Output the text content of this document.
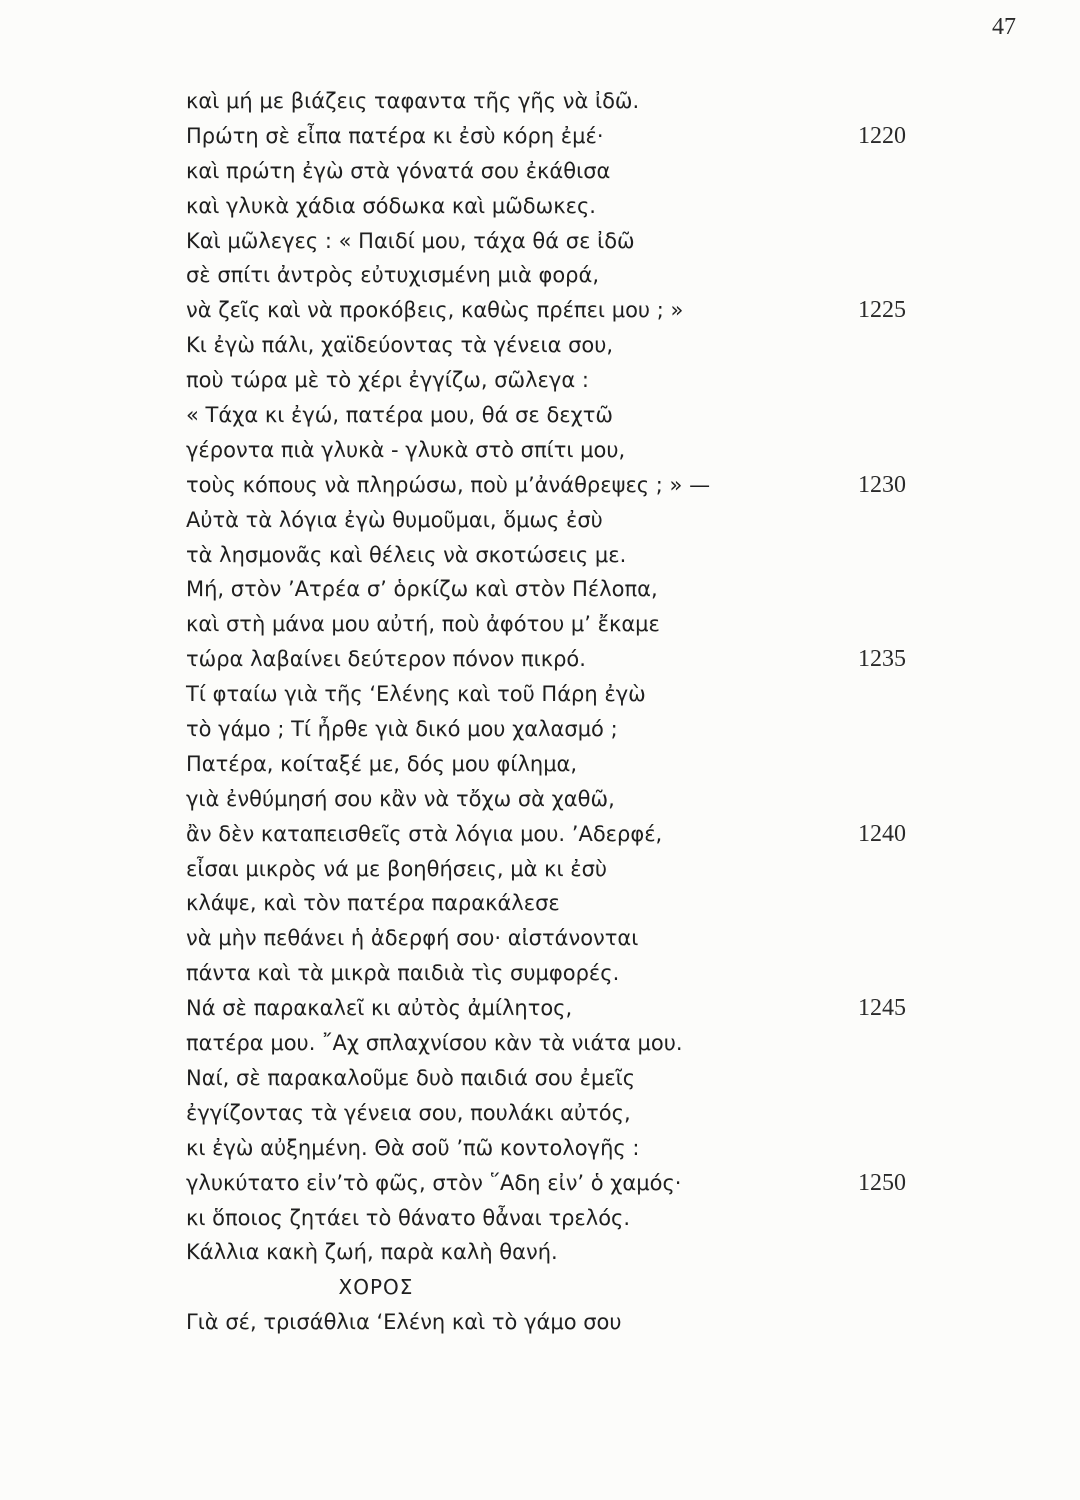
47
καὶ μή με βιάζεις ταφαντα τῆς γῆς νὰ ἰδῶ.
Πρώτη σὲ εἶπα πατέρα κι ἐσὺ κόρη ἐμέ·	1220
καὶ πρώτη ἐγὼ στὰ γόνατά σου ἐκάθισα
καὶ γλυκὰ χάδια σόδωκα καὶ μῶδωκες.
Καὶ μῶλεγες : « Παιδί μου, τάχα θά σε ἰδῶ
σὲ σπίτι ἀντρὸς εὐτυχισμένη μιὰ φορά,
νὰ ζεῖς καὶ νὰ προκόβεις, καθὼς πρέπει μου ; »	1225
Κι ἐγὼ πάλι, χαϊδεύοντας τὰ γένεια σου,
ποὺ τώρα μὲ τὸ χέρι ἐγγίζω, σῶλεγα :
« Τάχα κι ἐγώ, πατέρα μου, θά σε δεχτῶ
γέροντα πιὰ γλυκὰ - γλυκὰ στὸ σπίτι μου,
τοὺς κόπους νὰ πληρώσω, ποὺ μ’ἀνάθρεψες ; » —	1230
Αὐτὰ τὰ λόγια ἐγὼ θυμοῦμαι, ὅμως ἐσὺ
τὰ λησμονᾶς καὶ θέλεις νὰ σκοτώσεις με.
Μή, στὸν ’Ατρέα σ’ ὁρκίζω καὶ στὸν Πέλοπα,
καὶ στὴ μάνα μου αὐτή, ποὺ ἀφότου μ’ ἔκαμε
τώρα λαβαίνει δεύτερον πόνον πικρό.	1235
Τί φταίω γιὰ τῆς ‘Ελένης καὶ τοῦ Πάρη ἐγὼ
τὸ γάμο ; Τί ἦρθε γιὰ δικό μου χαλασμό ;
Πατέρα, κοίταξέ με, δός μου φίλημα,
γιὰ ἐνθύμησή σου κἂν νὰ τὄχω σὰ χαθῶ,
ἂν δὲν καταπεισθεῖς στὰ λόγια μου. ’Αδερφέ,	1240
εἶσαι μικρὸς νά με βοηθήσεις, μὰ κι ἐσὺ
κλάψε, καὶ τὸν πατέρα παρακάλεσε
νὰ μὴν πεθάνει ἡ ἀδερφή σου· αἰστάνονται
πάντα καὶ τὰ μικρὰ παιδιὰ τὶς συμφορές.
Νά σὲ παρακαλεῖ κι αὐτὸς ἀμίλητος,	1245
πατέρα μου. ῎Αχ σπλαχνίσου κὰν τὰ νιάτα μου.
Ναί, σὲ παρακαλοῦμε δυὸ παιδιά σου ἐμεῖς
ἐγγίζοντας τὰ γένεια σου, πουλάκι αὐτός,
κι ἐγὼ αὐξημένη. Θὰ σοῦ ’πῶ κοντολογῆς :
γλυκύτατο εἰν’τὸ φῶς, στὸν ῞Αδη εἰν’ ὁ χαμός·	1250
κι ὅποιος ζητάει τὸ θάνατο θἆναι τρελός.
Κάλλια κακὴ ζωή, παρὰ καλὴ θανή.
ΧΟΡΟΣ
Γιὰ σέ, τρισάθλια ‘Ελένη καὶ τὸ γάμο σου
